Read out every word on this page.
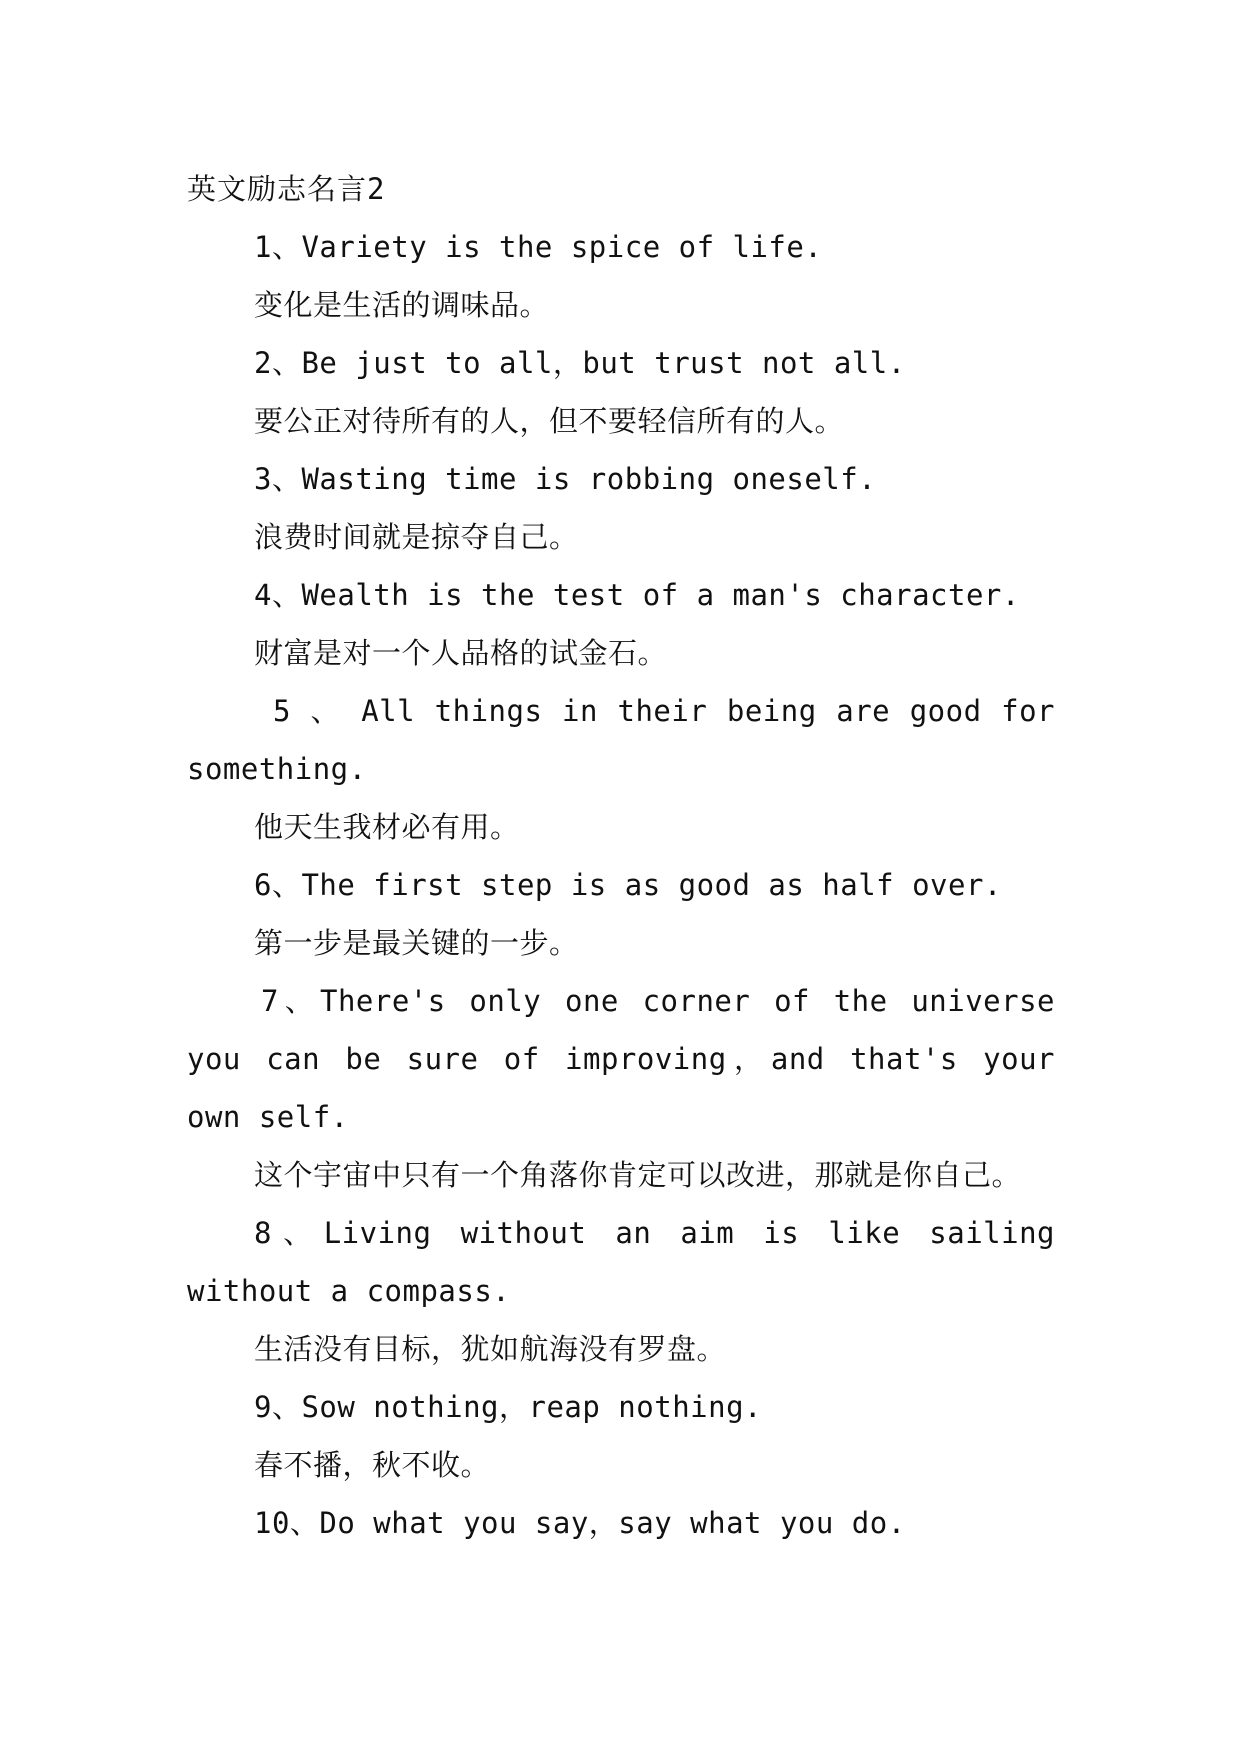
英文励志名言2

1、Variety is the spice of life.

变化是生活的调味品。

2、Be just to all，but trust not all.

要公正对待所有的人，但不要轻信所有的人。

3、Wasting time is robbing oneself.

浪费时间就是掠夺自己。

4、Wealth is the test of a man's character.

财富是对一个人品格的试金石。

5 、 All things in their being are good for something.

他天生我材必有用。

6、The first step is as good as half over.

第一步是最关键的一步。

7、There's only one corner of the universe you can be sure of improving，and that's your own self.

这个宇宙中只有一个角落你肯定可以改进，那就是你自己。

8、Living without an aim is like sailing without a compass.

生活没有目标，犹如航海没有罗盘。

9、Sow nothing，reap nothing.

春不播，秋不收。

10、Do what you say，say what you do.
